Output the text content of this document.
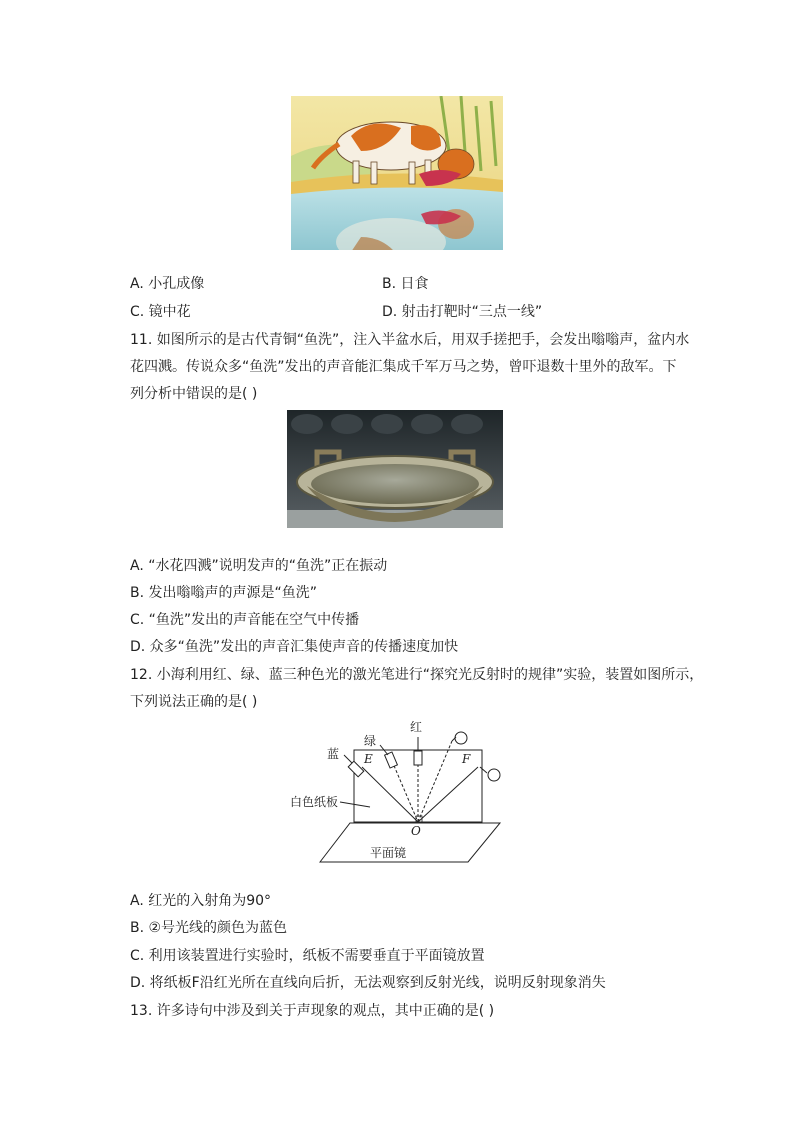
A. 小孔成像	B. 日食
C. 镜中花	D. 射击打靶时“三点一线”
11. 如图所示的是古代青铜“鱼洗”，注入半盆水后，用双手搓把手，会发出嗡嗡声，盆内水
花四溅。传说众多“鱼洗”发出的声音能汇集成千军万马之势，曾吓退数十里外的敌军。下
列分析中错误的是( )
A. “水花四溅”说明发声的“鱼洗”正在振动
B. 发出嗡嗡声的声源是“鱼洗”
C. “鱼洗”发出的声音能在空气中传播
D. 众多“鱼洗”发出的声音汇集使声音的传播速度加快
12. 小海利用红、绿、蓝三种色光的激光笔进行“探究光反射时的规律”实验，装置如图所示，
下列说法正确的是( )
红
绿
蓝 E	F
O
白色纸板
平面镜
A. 红光的入射角为90°
B. ②号光线的颜色为蓝色
C. 利用该装置进行实验时，纸板不需要垂直于平面镜放置
D. 将纸板F沿红光所在直线向后折，无法观察到反射光线，说明反射现象消失
13. 许多诗句中涉及到关于声现象的观点，其中正确的是( )
